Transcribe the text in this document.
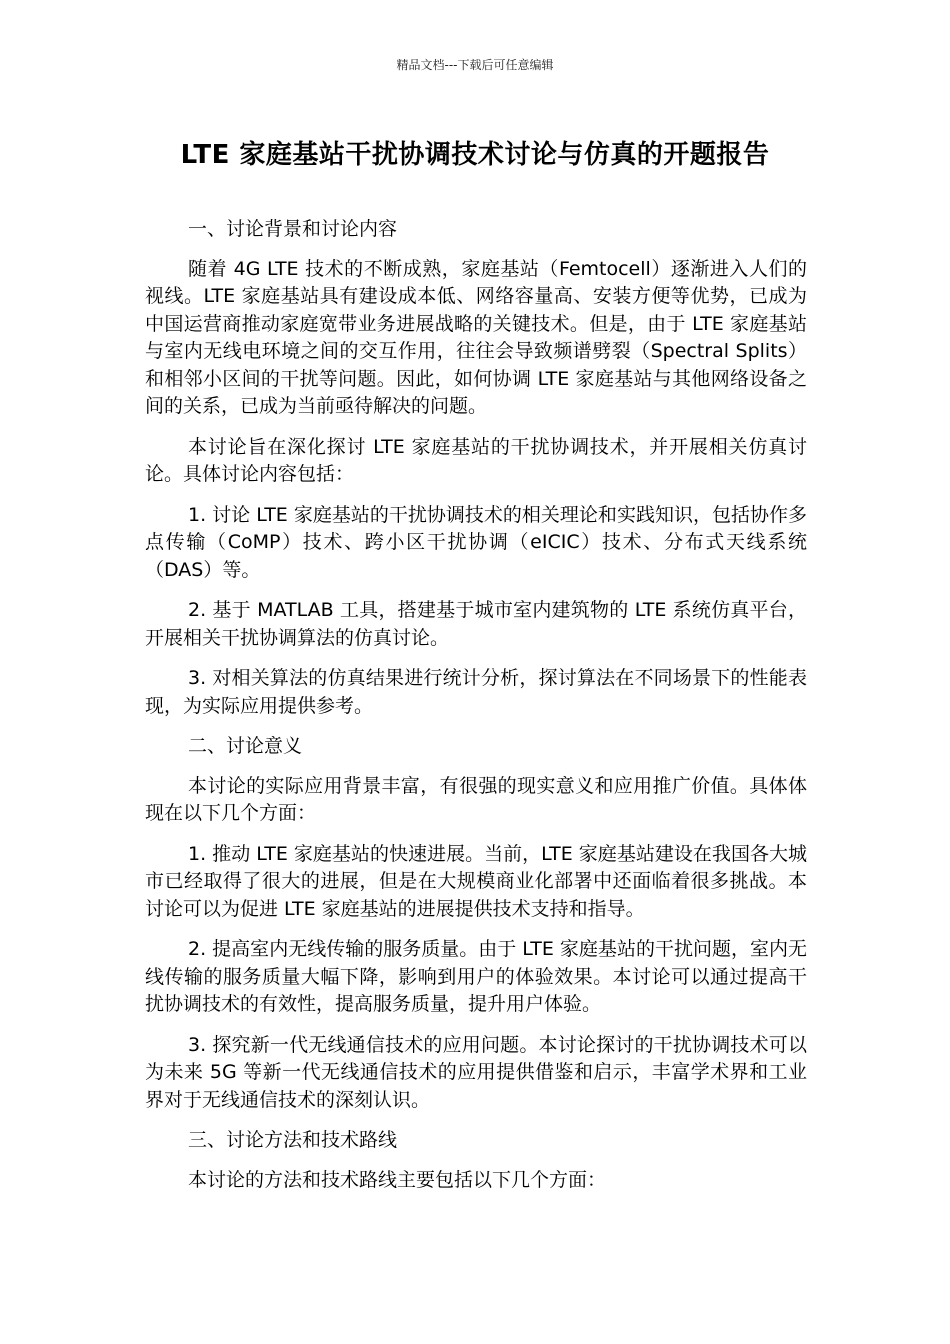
精品文档---下载后可任意编辑
LTE 家庭基站干扰协调技术讨论与仿真的开题报告

一、讨论背景和讨论内容

随着 4G LTE 技术的不断成熟，家庭基站（Femtocell）逐渐进入人们的视线。LTE 家庭基站具有建设成本低、网络容量高、安装方便等优势，已成为中国运营商推动家庭宽带业务进展战略的关键技术。但是，由于 LTE 家庭基站与室内无线电环境之间的交互作用，往往会导致频谱劈裂（Spectral Splits）和相邻小区间的干扰等问题。因此，如何协调 LTE 家庭基站与其他网络设备之间的关系，已成为当前亟待解决的问题。

本讨论旨在深化探讨 LTE 家庭基站的干扰协调技术，并开展相关仿真讨论。具体讨论内容包括：

1. 讨论 LTE 家庭基站的干扰协调技术的相关理论和实践知识，包括协作多点传输（CoMP）技术、跨小区干扰协调（eICIC）技术、分布式天线系统（DAS）等。

2. 基于 MATLAB 工具，搭建基于城市室内建筑物的 LTE 系统仿真平台，开展相关干扰协调算法的仿真讨论。

3. 对相关算法的仿真结果进行统计分析，探讨算法在不同场景下的性能表现，为实际应用提供参考。

二、讨论意义

本讨论的实际应用背景丰富，有很强的现实意义和应用推广价值。具体体现在以下几个方面：

1. 推动 LTE 家庭基站的快速进展。当前，LTE 家庭基站建设在我国各大城市已经取得了很大的进展，但是在大规模商业化部署中还面临着很多挑战。本讨论可以为促进 LTE 家庭基站的进展提供技术支持和指导。

2. 提高室内无线传输的服务质量。由于 LTE 家庭基站的干扰问题，室内无线传输的服务质量大幅下降，影响到用户的体验效果。本讨论可以通过提高干扰协调技术的有效性，提高服务质量，提升用户体验。

3. 探究新一代无线通信技术的应用问题。本讨论探讨的干扰协调技术可以为未来 5G 等新一代无线通信技术的应用提供借鉴和启示，丰富学术界和工业界对于无线通信技术的深刻认识。

三、讨论方法和技术路线

本讨论的方法和技术路线主要包括以下几个方面：
